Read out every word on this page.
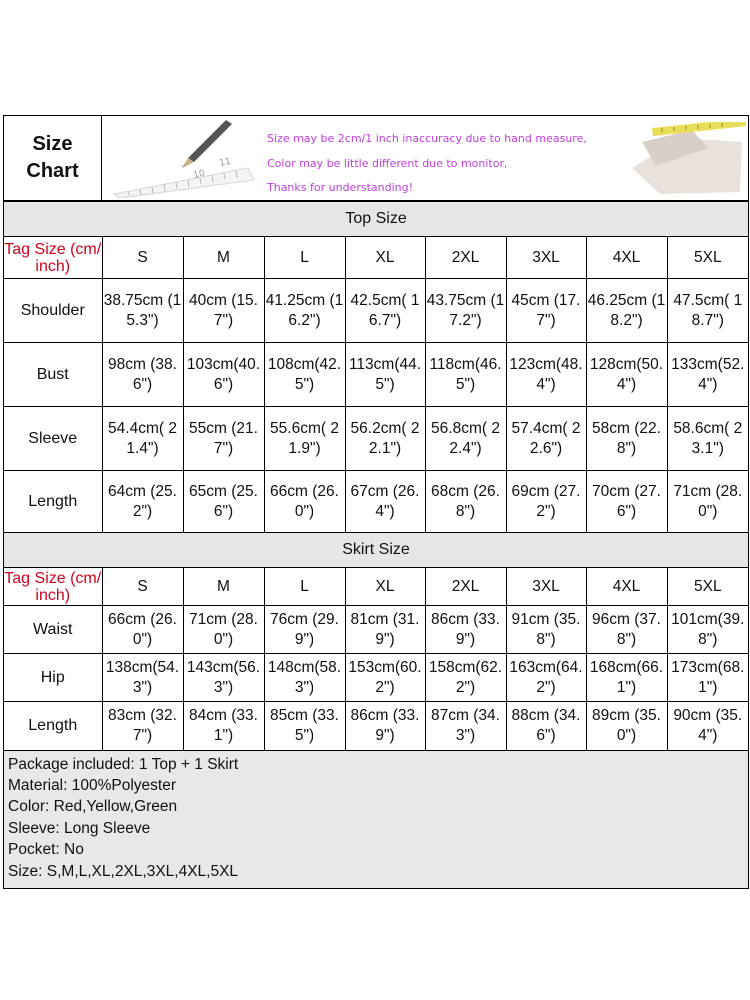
Size
Chart	11
10
Size may be 2cm/1 inch inaccuracy due to hand measure,
Color may be little different due to monitor,
Thanks for understanding!
Top Size								
Tag Size (cm/inch)	S	M	L	XL	2XL	3XL	4XL	5XL
Shoulder	38.75cm (15.3")	40cm (15.7")	41.25cm (16.2")	42.5cm( 16.7")	43.75cm (17.2")	45cm (17.7")	46.25cm (18.2")	47.5cm( 18.7")
Bust	98cm (38.6")	103cm(40.6")	108cm(42.5")	113cm(44.5")	118cm(46.5")	123cm(48.4")	128cm(50.4")	133cm(52.4")
Sleeve	54.4cm( 21.4")	55cm (21.7")	55.6cm( 21.9")	56.2cm( 22.1")	56.8cm( 22.4")	57.4cm( 22.6")	58cm (22.8")	58.6cm( 23.1")
Length	64cm (25.2")	65cm (25.6")	66cm (26.0")	67cm (26.4")	68cm (26.8")	69cm (27.2")	70cm (27.6")	71cm (28.0")
Skirt Size								
Tag Size (cm/inch)	S	M	L	XL	2XL	3XL	4XL	5XL
Waist	66cm (26.0")	71cm (28.0")	76cm (29.9")	81cm (31.9")	86cm (33.9")	91cm (35.8")	96cm (37.8")	101cm(39.8")
Hip	138cm(54.3")	143cm(56.3")	148cm(58.3")	153cm(60.2")	158cm(62.2")	163cm(64.2")	168cm(66.1")	173cm(68.1")
Length	83cm (32.7")	84cm (33.1")	85cm (33.5")	86cm (33.9")	87cm (34.3")	88cm (34.6")	89cm (35.0")	90cm (35.4")
Package included: 1 Top + 1 Skirt
Material: 100%Polyester
Color: Red,Yellow,Green
Sleeve: Long Sleeve
Pocket: No
Size: S,M,L,XL,2XL,3XL,4XL,5XL
